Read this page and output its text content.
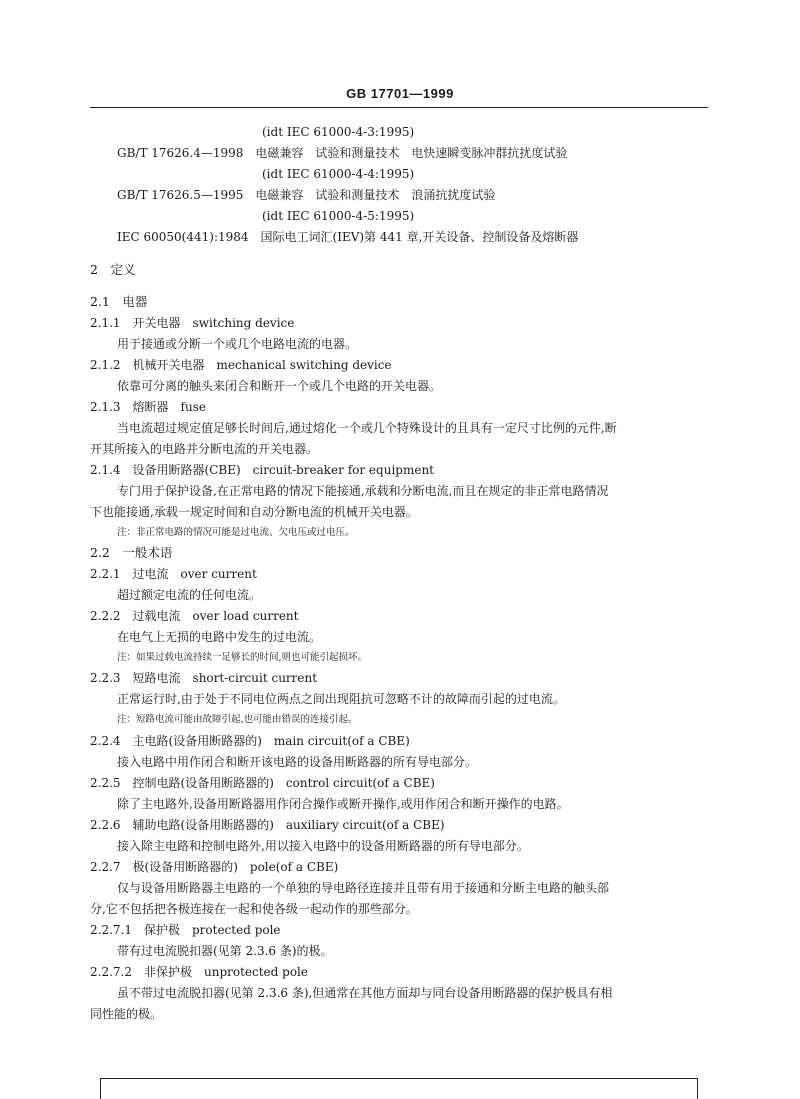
GB 17701—1999
(idt IEC 61000-4-3:1995)
GB/T 17626.4—1998　电磁兼容　试验和测量技术　电快速瞬变脉冲群抗扰度试验
(idt IEC 61000-4-4:1995)
GB/T 17626.5—1995　电磁兼容　试验和测量技术　浪涌抗扰度试验
(idt IEC 61000-4-5:1995)
IEC 60050(441):1984　国际电工词汇(IEV)第 441 章,开关设备、控制设备及熔断器
2　定义
2.1　电器
2.1.1　开关电器　switching device
用于接通或分断一个或几个电路电流的电器。
2.1.2　机械开关电器　mechanical switching device
依靠可分离的触头来闭合和断开一个或几个电路的开关电器。
2.1.3　熔断器　fuse
当电流超过规定值足够长时间后,通过熔化一个或几个特殊设计的且具有一定尺寸比例的元件,断
开其所接入的电路并分断电流的开关电器。
2.1.4　设备用断路器(CBE)　circuit-breaker for equipment
专门用于保护设备,在正常电路的情况下能接通,承载和分断电流,而且在规定的非正常电路情况
下也能接通,承载一规定时间和自动分断电流的机械开关电器。
注：非正常电路的情况可能是过电流、欠电压或过电压。
2.2　一般术语
2.2.1　过电流　over current
超过额定电流的任何电流。
2.2.2　过载电流　over load current
在电气上无损的电路中发生的过电流。
注：如果过载电流持续一足够长的时间,则也可能引起损坏。
2.2.3　短路电流　short-circuit current
正常运行时,由于处于不同电位两点之间出现阻抗可忽略不计的故障而引起的过电流。
注：短路电流可能由故障引起,也可能由错误的连接引起。
2.2.4　主电路(设备用断路器的)　main circuit(of a CBE)
接入电路中用作闭合和断开该电路的设备用断路器的所有导电部分。
2.2.5　控制电路(设备用断路器的)　control circuit(of a CBE)
除了主电路外,设备用断路器用作闭合操作或断开操作,或用作闭合和断开操作的电路。
2.2.6　辅助电路(设备用断路器的)　auxiliary circuit(of a CBE)
接入除主电路和控制电路外,用以接入电路中的设备用断路器的所有导电部分。
2.2.7　极(设备用断路器的)　pole(of a CBE)
仅与设备用断路器主电路的一个单独的导电路径连接并且带有用于接通和分断主电路的触头部
分,它不包括把各极连接在一起和使各级一起动作的那些部分。
2.2.7.1　保护极　protected pole
带有过电流脱扣器(见第 2.3.6 条)的极。
2.2.7.2　非保护极　unprotected pole
虽不带过电流脱扣器(见第 2.3.6 条),但通常在其他方面却与同台设备用断路器的保护极具有相
同性能的极。
